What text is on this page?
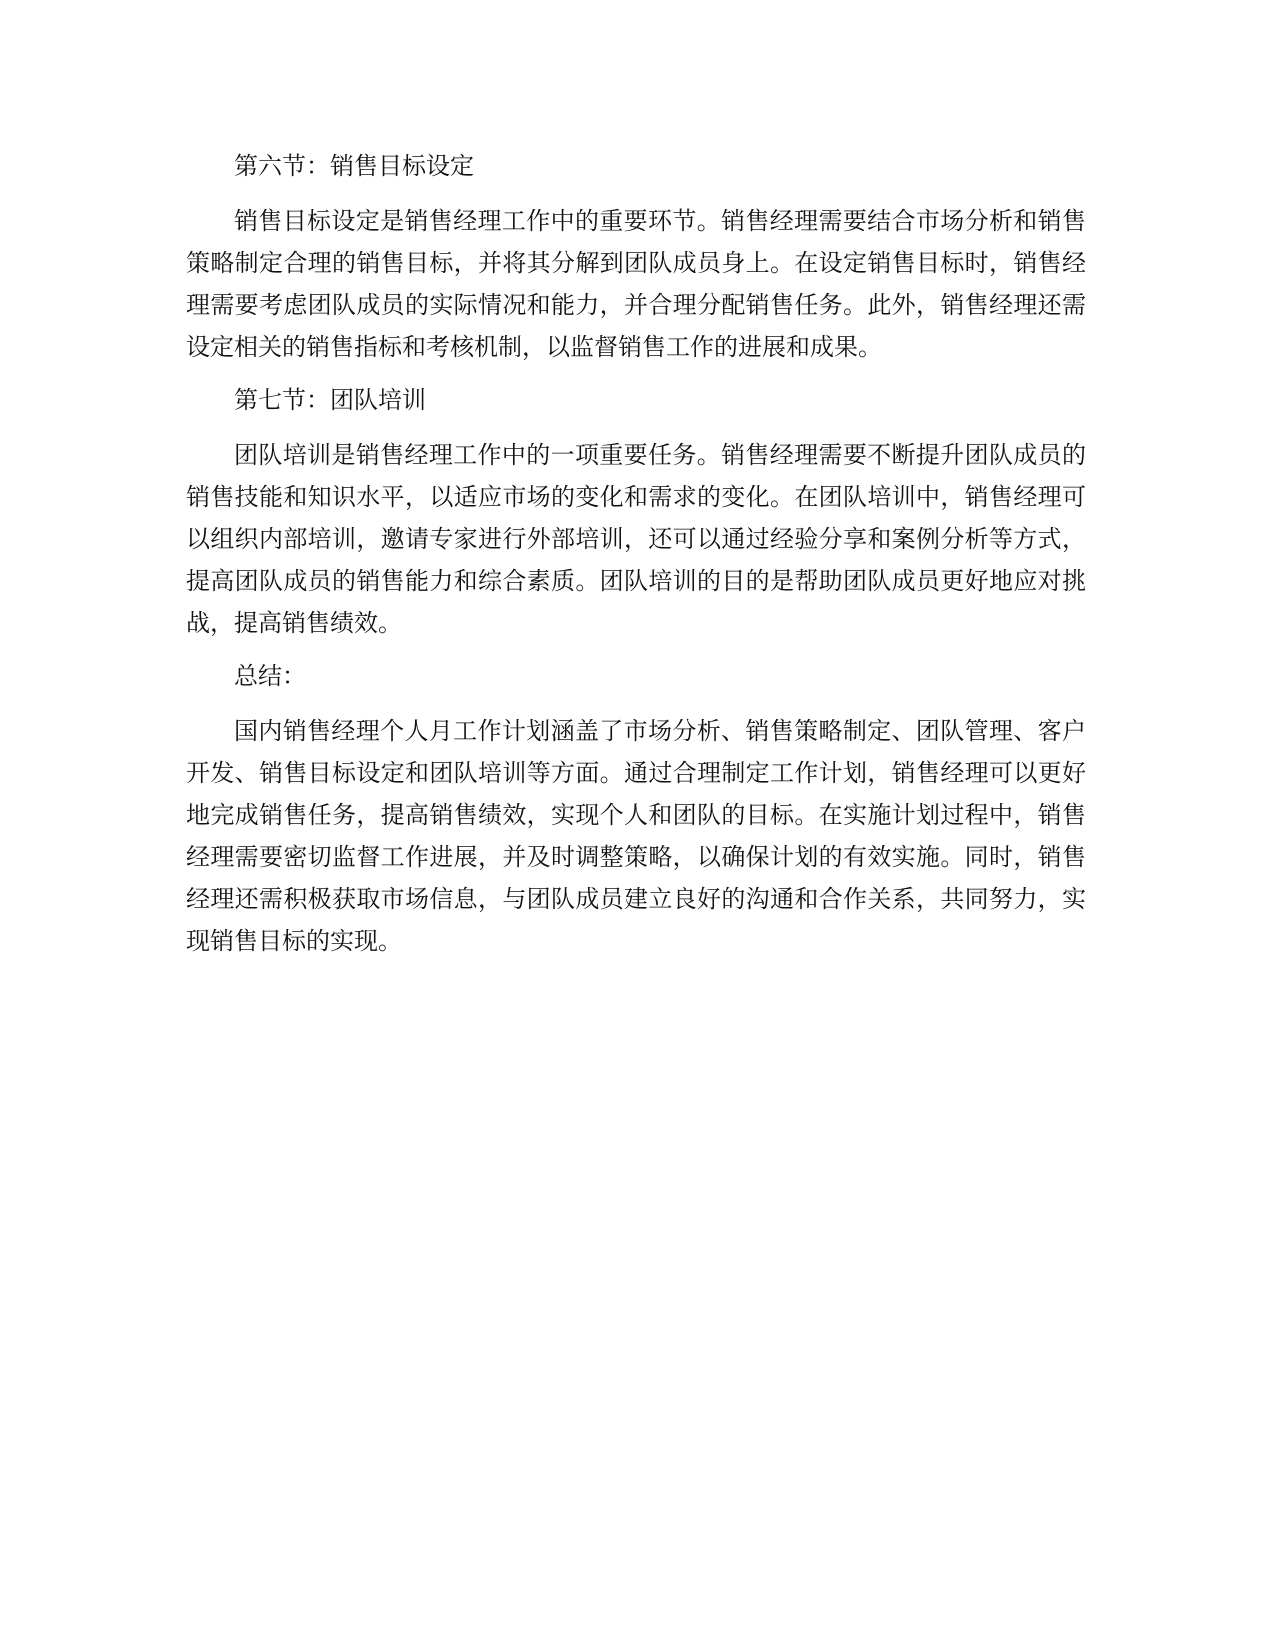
第六节：销售目标设定

销售目标设定是销售经理工作中的重要环节。销售经理需要结合市场分析和销售策略制定合理的销售目标，并将其分解到团队成员身上。在设定销售目标时，销售经理需要考虑团队成员的实际情况和能力，并合理分配销售任务。此外，销售经理还需设定相关的销售指标和考核机制，以监督销售工作的进展和成果。

第七节：团队培训

团队培训是销售经理工作中的一项重要任务。销售经理需要不断提升团队成员的销售技能和知识水平，以适应市场的变化和需求的变化。在团队培训中，销售经理可以组织内部培训，邀请专家进行外部培训，还可以通过经验分享和案例分析等方式，提高团队成员的销售能力和综合素质。团队培训的目的是帮助团队成员更好地应对挑战，提高销售绩效。

总结：

国内销售经理个人月工作计划涵盖了市场分析、销售策略制定、团队管理、客户开发、销售目标设定和团队培训等方面。通过合理制定工作计划，销售经理可以更好地完成销售任务，提高销售绩效，实现个人和团队的目标。在实施计划过程中，销售经理需要密切监督工作进展，并及时调整策略，以确保计划的有效实施。同时，销售经理还需积极获取市场信息，与团队成员建立良好的沟通和合作关系，共同努力，实现销售目标的实现。
